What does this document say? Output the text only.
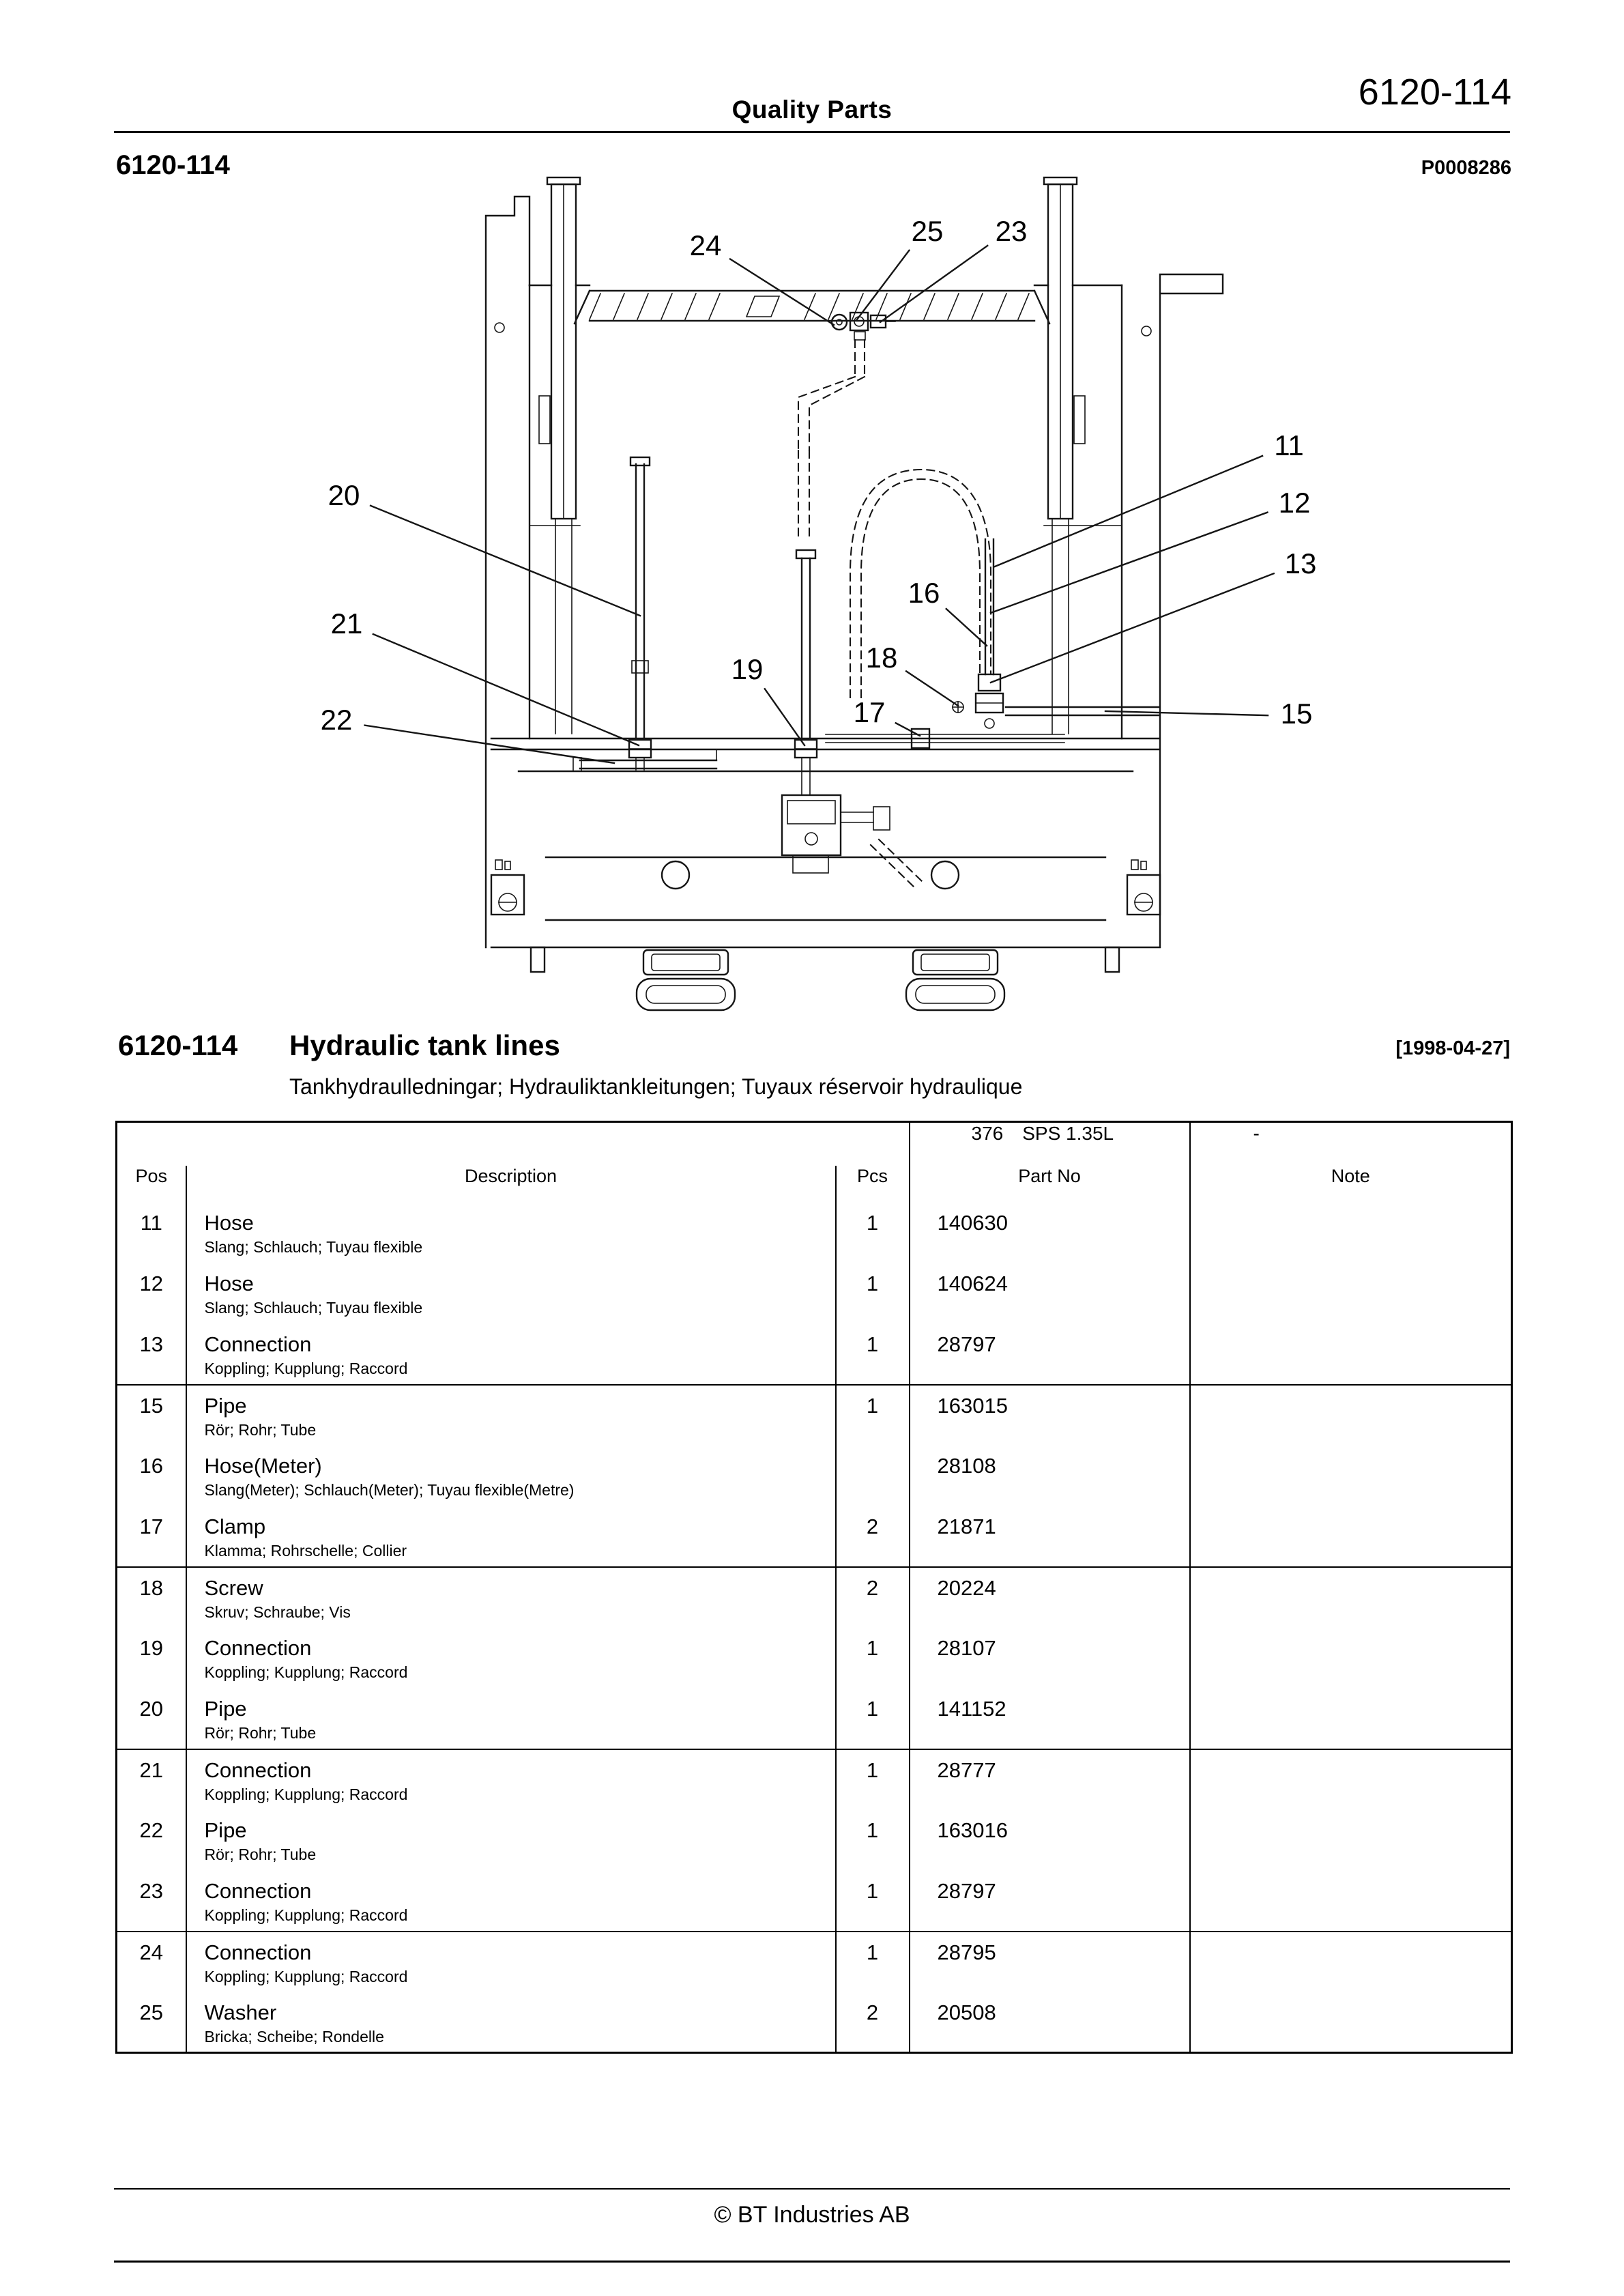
Quality Parts	6120-114
6120-114	P0008286
24	25 23
11
12
13
20
16
21
19	18
17
22	15
6120-114 Hydraulic tank lines	[1998-04-27]
Tankhydraulledningar; Hydrauliktankleitungen; Tuyaux réservoir hydraulique
			376 SPS 1.35L	-
Pos	Description	Pcs	Part No	Note
11	Hose
Slang; Schlauch; Tuyau flexible	1	140630	
12	Hose
Slang; Schlauch; Tuyau flexible	1	140624	
13	Connection
Koppling; Kupplung; Raccord	1	28797	
15	Pipe
Rör; Rohr; Tube	1	163015	
16	Hose(Meter)
Slang(Meter); Schlauch(Meter); Tuyau flexible(Metre)		28108	
17	Clamp
Klamma; Rohrschelle; Collier	2	21871	
18	Screw
Skruv; Schraube; Vis	2	20224	
19	Connection
Koppling; Kupplung; Raccord	1	28107	
20	Pipe
Rör; Rohr; Tube	1	141152	
21	Connection
Koppling; Kupplung; Raccord	1	28777	
22	Pipe
Rör; Rohr; Tube	1	163016	
23	Connection
Koppling; Kupplung; Raccord	1	28797	
24	Connection
Koppling; Kupplung; Raccord	1	28795	
25	Washer
Bricka; Scheibe; Rondelle	2	20508	
© BT Industries AB
